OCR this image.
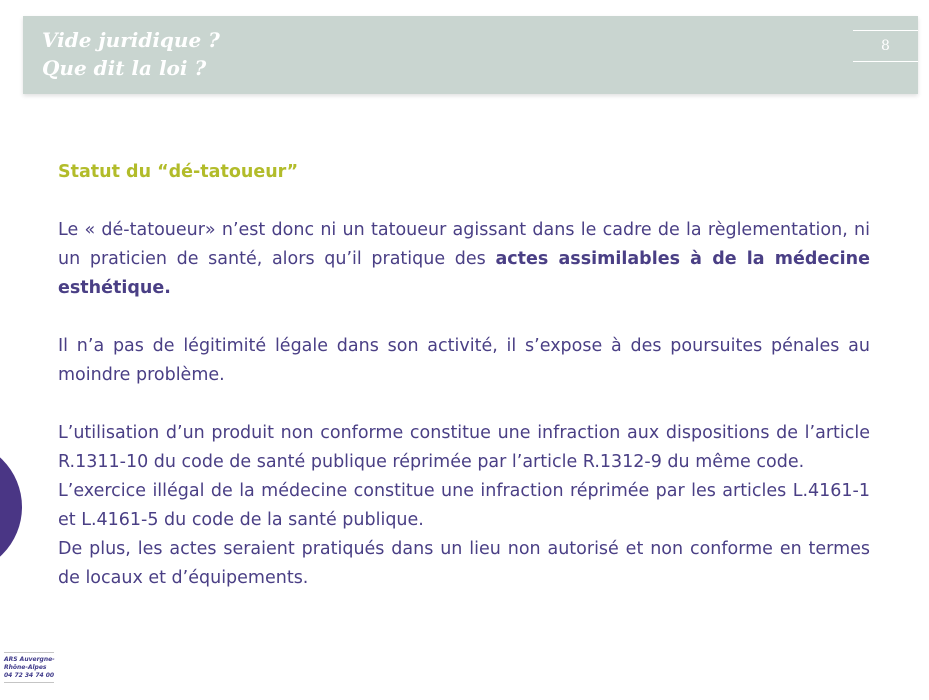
Vide juridique ?
Que dit la loi ?
8

Statut du “dé-tatoueur”

Le « dé-tatoueur» n’est donc ni un tatoueur agissant dans le cadre de la règlementation, ni un praticien de santé, alors qu’il pratique des actes assimilables à de la médecine esthétique.

Il n’a pas de légitimité légale dans son activité, il s’expose à des poursuites pénales au moindre problème.

L’utilisation d’un produit non conforme constitue une infraction aux dispositions de l’article R.1311-10 du code de santé publique réprimée par l’article R.1312-9 du même code.

L’exercice illégal de la médecine constitue une infraction réprimée par les articles L.4161-1 et L.4161-5 du code de la santé publique.

De plus, les actes seraient pratiqués dans un lieu non autorisé et non conforme en termes de locaux et d’équipements.

ARS Auvergne-
Rhône-Alpes
04 72 34 74 00
